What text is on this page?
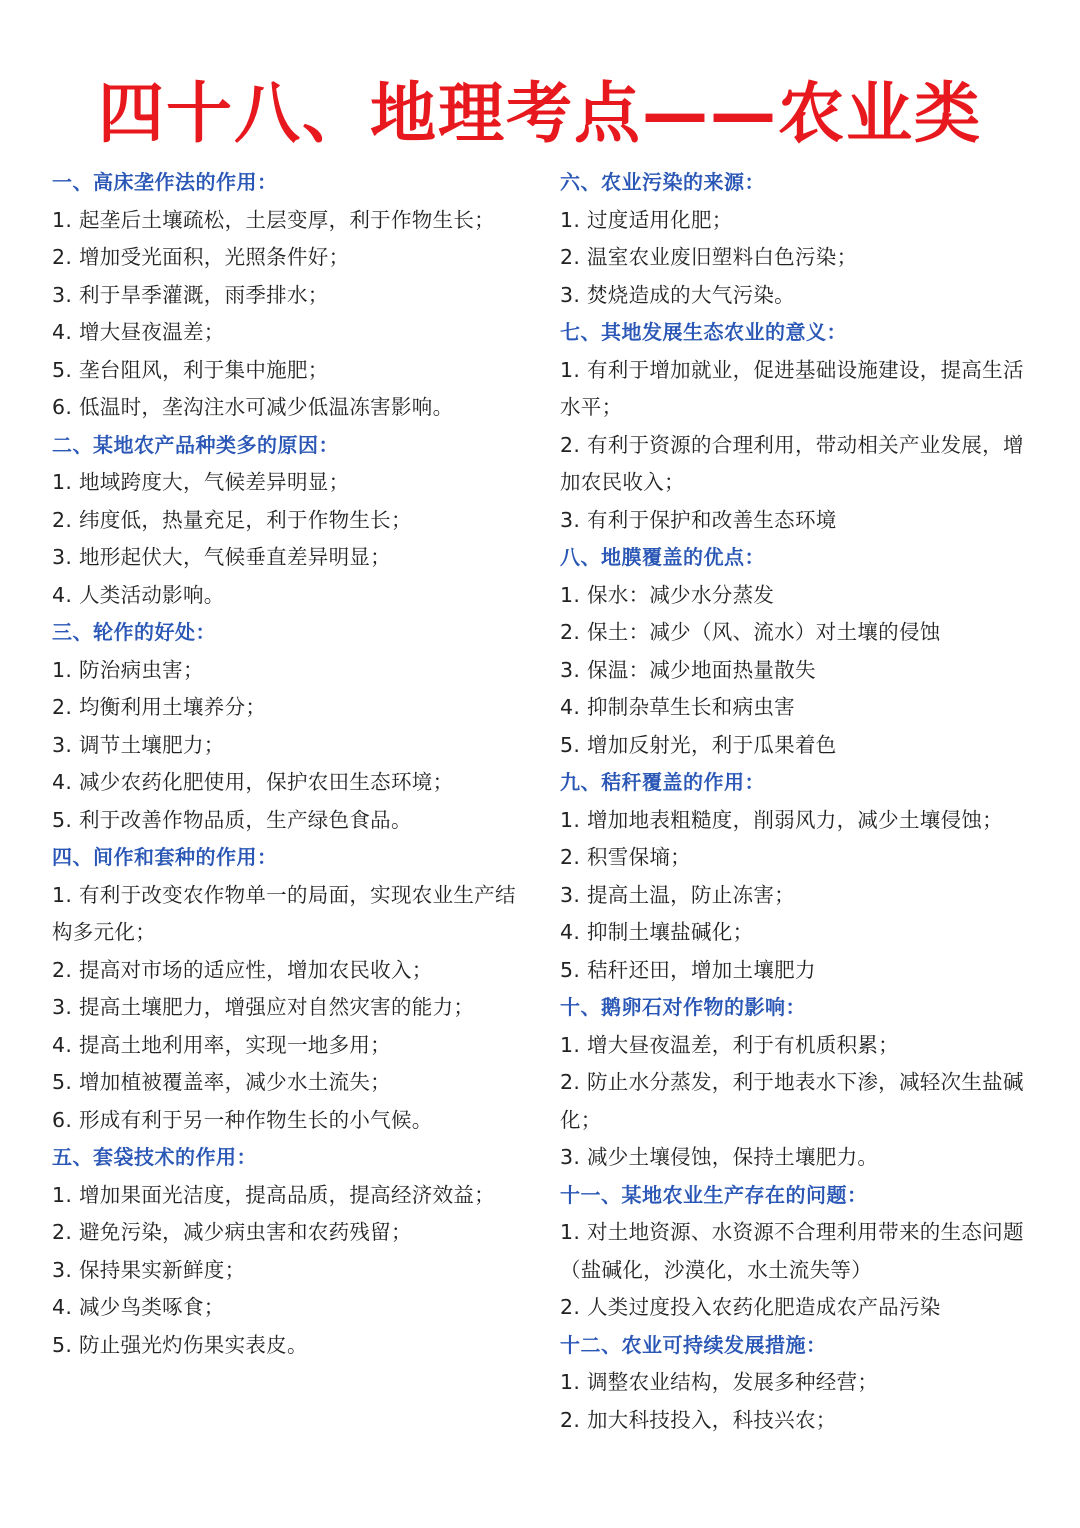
四十八、地理考点——农业类
一、高床垄作法的作用：

1. 起垄后土壤疏松，土层变厚，利于作物生长；

2. 增加受光面积，光照条件好；

3. 利于旱季灌溉，雨季排水；

4. 增大昼夜温差；

5. 垄台阻风，利于集中施肥；

6. 低温时，垄沟注水可减少低温冻害影响。

二、某地农产品种类多的原因：

1. 地域跨度大，气候差异明显；

2. 纬度低，热量充足，利于作物生长；

3. 地形起伏大，气候垂直差异明显；

4. 人类活动影响。

三、轮作的好处：

1. 防治病虫害；

2. 均衡利用土壤养分；

3. 调节土壤肥力；

4. 减少农药化肥使用，保护农田生态环境；

5. 利于改善作物品质，生产绿色食品。

四、间作和套种的作用：

1. 有利于改变农作物单一的局面，实现农业生产结构多元化；

2. 提高对市场的适应性，增加农民收入；

3. 提高土壤肥力，增强应对自然灾害的能力；

4. 提高土地利用率，实现一地多用；

5. 增加植被覆盖率，减少水土流失；

6. 形成有利于另一种作物生长的小气候。

五、套袋技术的作用：

1. 增加果面光洁度，提高品质，提高经济效益；

2. 避免污染，减少病虫害和农药残留；

3. 保持果实新鲜度；

4. 减少鸟类啄食；

5. 防止强光灼伤果实表皮。

六、农业污染的来源：

1. 过度适用化肥；

2. 温室农业废旧塑料白色污染；

3. 焚烧造成的大气污染。

七、其地发展生态农业的意义：

1. 有利于增加就业，促进基础设施建设，提高生活水平；

2. 有利于资源的合理利用，带动相关产业发展，增加农民收入；

3. 有利于保护和改善生态环境

八、地膜覆盖的优点：

1. 保水：减少水分蒸发

2. 保土：减少（风、流水）对土壤的侵蚀

3. 保温：减少地面热量散失

4. 抑制杂草生长和病虫害

5. 增加反射光，利于瓜果着色

九、秸秆覆盖的作用：

1. 增加地表粗糙度，削弱风力，减少土壤侵蚀；

2. 积雪保墒；

3. 提高土温，防止冻害；

4. 抑制土壤盐碱化；

5. 秸秆还田，增加土壤肥力

十、鹅卵石对作物的影响：

1. 增大昼夜温差，利于有机质积累；

2. 防止水分蒸发，利于地表水下渗，减轻次生盐碱化；

3. 减少土壤侵蚀，保持土壤肥力。

十一、某地农业生产存在的问题：

1. 对土地资源、水资源不合理利用带来的生态问题（盐碱化，沙漠化，水土流失等）

2. 人类过度投入农药化肥造成农产品污染

十二、农业可持续发展措施：

1. 调整农业结构，发展多种经营；

2. 加大科技投入，科技兴农；
